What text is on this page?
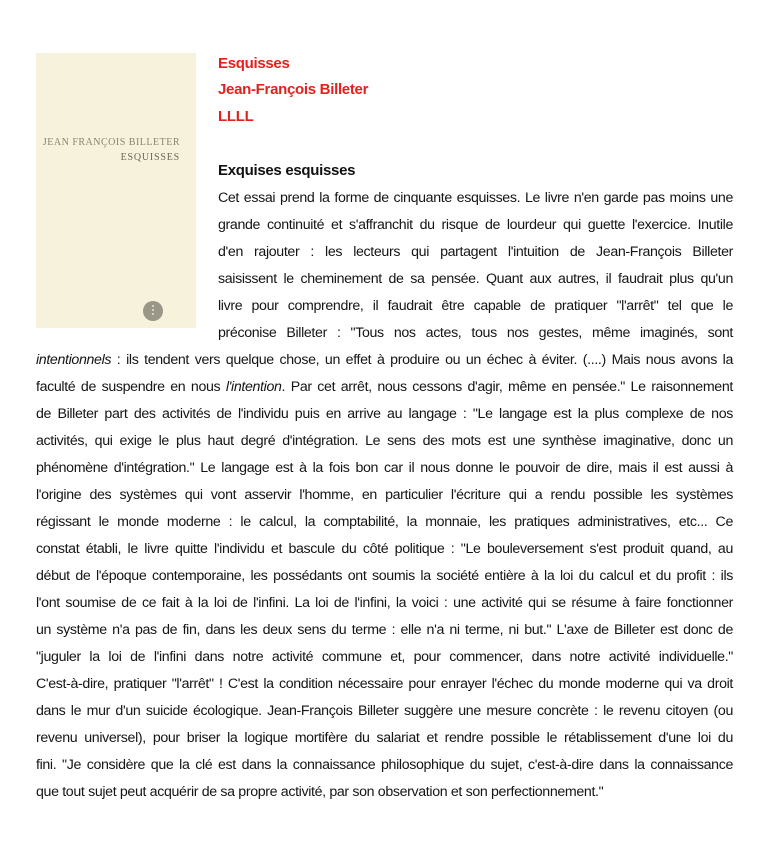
JEAN FRANÇOIS BILLETER
ESQUISSES
Esquisses
Jean-François Billeter
LLLL
Exquises esquisses
Cet essai prend la forme de cinquante esquisses. Le livre n'en garde pas moins une
grande continuité et s'affranchit du risque de lourdeur qui guette l'exercice. Inutile
d'en rajouter : les lecteurs qui partagent l'intuition de Jean-François Billeter
saisissent le cheminement de sa pensée. Quant aux autres, il faudrait plus qu'un
livre pour comprendre, il faudrait être capable de pratiquer "l'arrêt" tel que le
préconise Billeter : "Tous nos actes, tous nos gestes, même imaginés, sont
intentionnels : ils tendent vers quelque chose, un effet à produire ou un échec à éviter. (....) Mais nous avons la
faculté de suspendre en nous l'intention. Par cet arrêt, nous cessons d'agir, même en pensée." Le raisonnement
de Billeter part des activités de l'individu puis en arrive au langage : "Le langage est la plus complexe de nos
activités, qui exige le plus haut degré d'intégration. Le sens des mots est une synthèse imaginative, donc un
phénomène d'intégration." Le langage est à la fois bon car il nous donne le pouvoir de dire, mais il est aussi à
l'origine des systèmes qui vont asservir l'homme, en particulier l'écriture qui a rendu possible les systèmes
régissant le monde moderne : le calcul, la comptabilité, la monnaie, les pratiques administratives, etc... Ce
constat établi, le livre quitte l'individu et bascule du côté politique : "Le bouleversement s'est produit quand, au
début de l'époque contemporaine, les possédants ont soumis la société entière à la loi du calcul et du profit : ils
l'ont soumise de ce fait à la loi de l'infini. La loi de l'infini, la voici : une activité qui se résume à faire fonctionner
un système n'a pas de fin, dans les deux sens du terme : elle n'a ni terme, ni but." L'axe de Billeter est donc de
"juguler la loi de l'infini dans notre activité commune et, pour commencer, dans notre activité individuelle."
C'est-à-dire, pratiquer "l'arrêt" ! C'est la condition nécessaire pour enrayer l'échec du monde moderne qui va droit
dans le mur d'un suicide écologique. Jean-François Billeter suggère une mesure concrète : le revenu citoyen (ou
revenu universel), pour briser la logique mortifère du salariat et rendre possible le rétablissement d'une loi du
fini. "Je considère que la clé est dans la connaissance philosophique du sujet, c'est-à-dire dans la connaissance
que tout sujet peut acquérir de sa propre activité, par son observation et son perfectionnement."
